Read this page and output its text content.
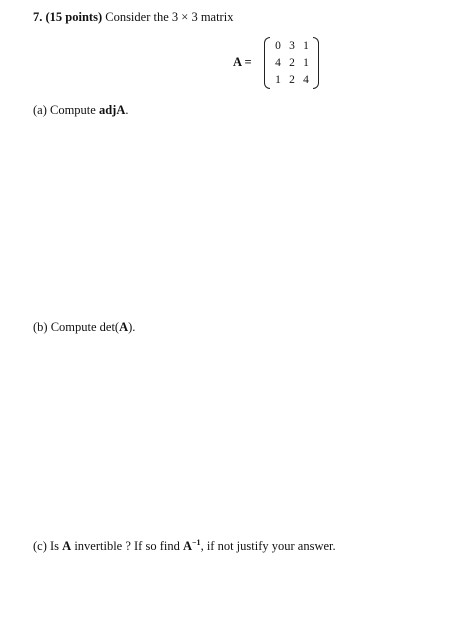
7. (15 points) Consider the 3 × 3 matrix
A =
0 3 1
4 2 1
1 2 4
(a) Compute adjA.
(b) Compute det(A).
(c) Is A invertible ? If so find $A^{-1}$, if not justify your answer.
